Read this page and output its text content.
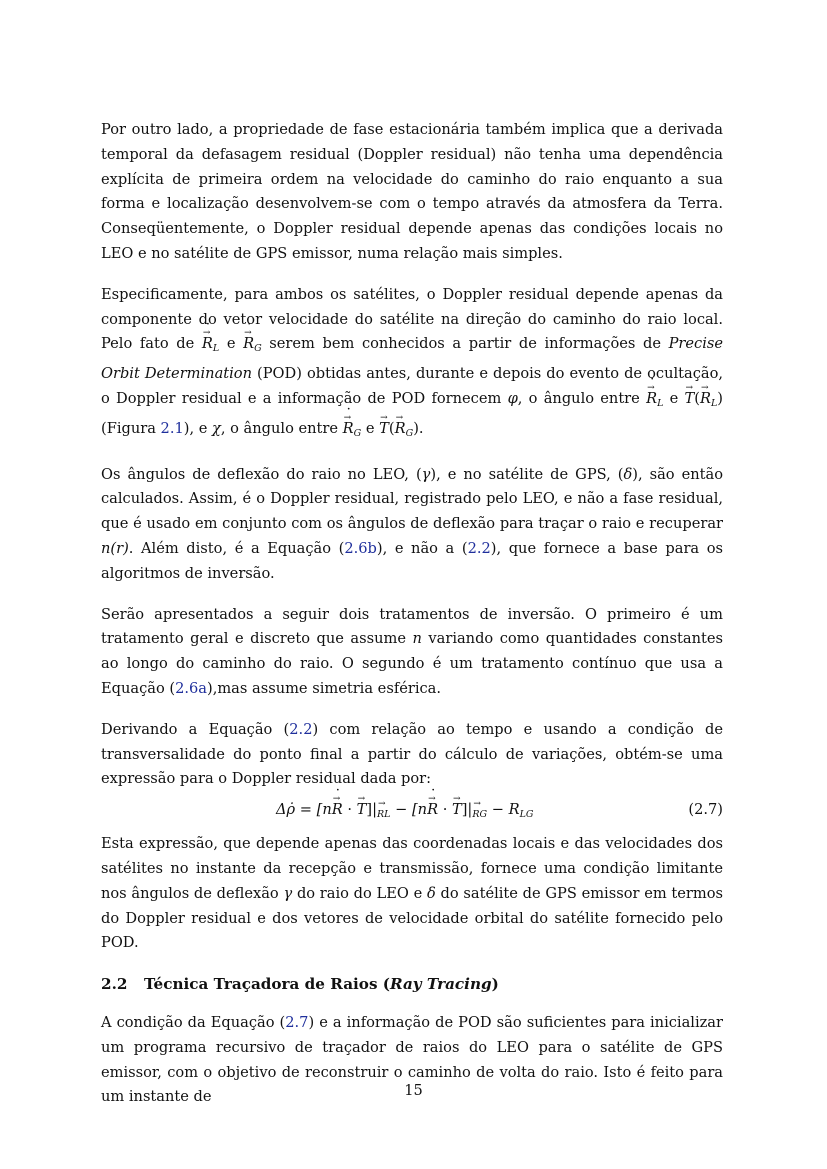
Por outro lado, a propriedade de fase estacionária também implica que a derivada temporal da defasagem residual (Doppler residual) não tenha uma dependência explícita de primeira ordem na velocidade do caminho do raio enquanto a sua forma e localização desenvolvem-se com o tempo através da atmosfera da Terra. Conseqüentemente, o Doppler residual depende apenas das condições locais no LEO e no satélite de GPS emissor, numa relação mais simples.

Especificamente, para ambos os satélites, o Doppler residual depende apenas da componente do vetor velocidade do satélite na direção do caminho do raio local. Pelo fato de → $R \cdot_L$ $e \to R \cdot_G$ serem bem conhecidos a partir de informações de Precise Orbit Determination (POD) obtidas antes, durante e depois do evento de ocultação, o Doppler residual e a informação de POD fornecem φ, o ângulo entre → $R \cdot_L$ $e \to T(\to R_L)$ (Figura 2.1), e χ, o ângulo entre → $R \cdot_G$ $e \to T(\to R_G)$.

Os ângulos de deflexão do raio no LEO, (γ), e no satélite de GPS, (δ), são então calculados. Assim, é o Doppler residual, registrado pelo LEO, e não a fase residual, que é usado em conjunto com os ângulos de deflexão para traçar o raio e recuperar n(r). Além disto, é a Equação (2.6b), e não a (2.2), que fornece a base para os algoritmos de inversão.

Serão apresentados a seguir dois tratamentos de inversão. O primeiro é um tratamento geral e discreto que assume n variando como quantidades constantes ao longo do caminho do raio. O segundo é um tratamento contínuo que usa a Equação (2.6a),mas assume simetria esférica.

Derivando a Equação (2.2) com relação ao tempo e usando a condição de transversalidade do ponto final a partir do cálculo de variações, obtém-se uma expressão para o Doppler residual dada por:

Δρ̇ = [n→ R · · → T]|→ $_{RL}$ − [n→ R · · → $T]|\to _{RG} - R_{LG}$	(2.7)

Esta expressão, que depende apenas das coordenadas locais e das velocidades dos satélites no instante da recepção e transmissão, fornece uma condição limitante nos ângulos de deflexão γ do raio do LEO e δ do satélite de GPS emissor em termos do Doppler residual e dos vetores de velocidade orbital do satélite fornecido pelo POD.

2.2 Técnica Traçadora de Raios (Ray Tracing)

A condição da Equação (2.7) e a informação de POD são suficientes para inicializar um programa recursivo de traçador de raios do LEO para o satélite de GPS emissor, com o objetivo de reconstruir o caminho de volta do raio. Isto é feito para um instante de	15
